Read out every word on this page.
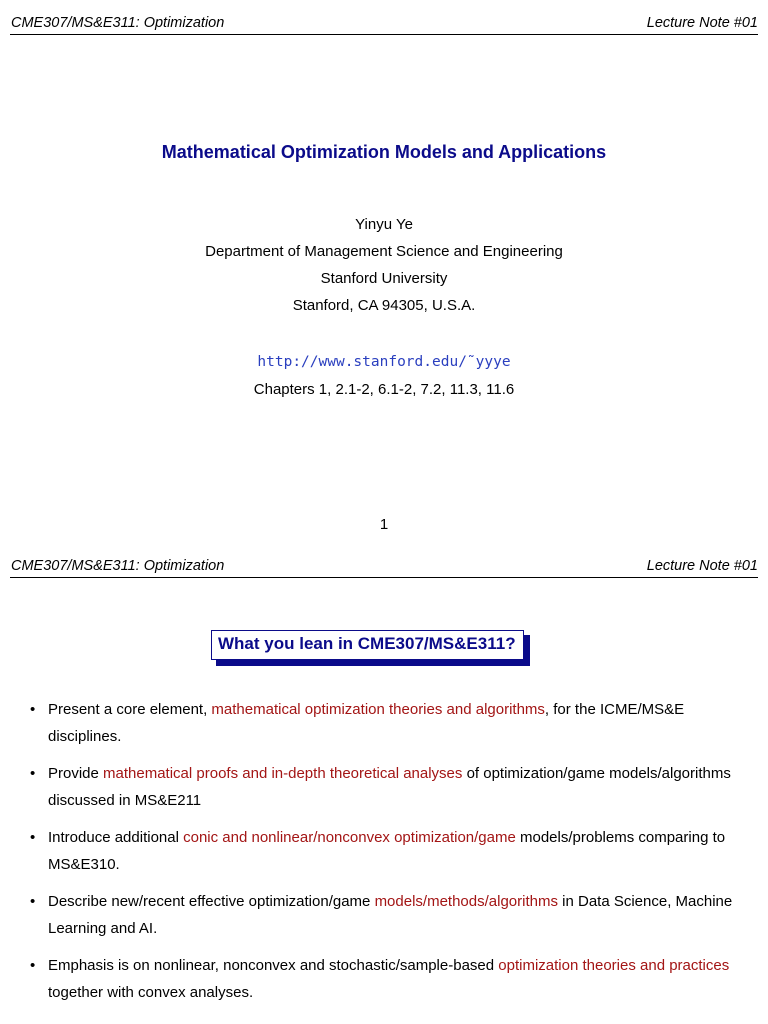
CME307/MS&E311: Optimization	Lecture Note #01
Mathematical Optimization Models and Applications
Yinyu Ye
Department of Management Science and Engineering
Stanford University
Stanford, CA 94305, U.S.A.
http://www.stanford.edu/˜yyye
Chapters 1, 2.1-2, 6.1-2, 7.2, 11.3, 11.6
1
CME307/MS&E311: Optimization	Lecture Note #01
What you lean in CME307/MS&E311?
• Present a core element, mathematical optimization theories and algorithms, for the ICME/MS&E disciplines.
• Provide mathematical proofs and in-depth theoretical analyses of optimization/game models/algorithms discussed in MS&E211
• Introduce additional conic and nonlinear/nonconvex optimization/game models/problems comparing to MS&E310.
• Describe new/recent effective optimization/game models/methods/algorithms in Data Science, Machine Learning and AI.
• Emphasis is on nonlinear, nonconvex and stochastic/sample-based optimization theories and practices together with convex analyses.
